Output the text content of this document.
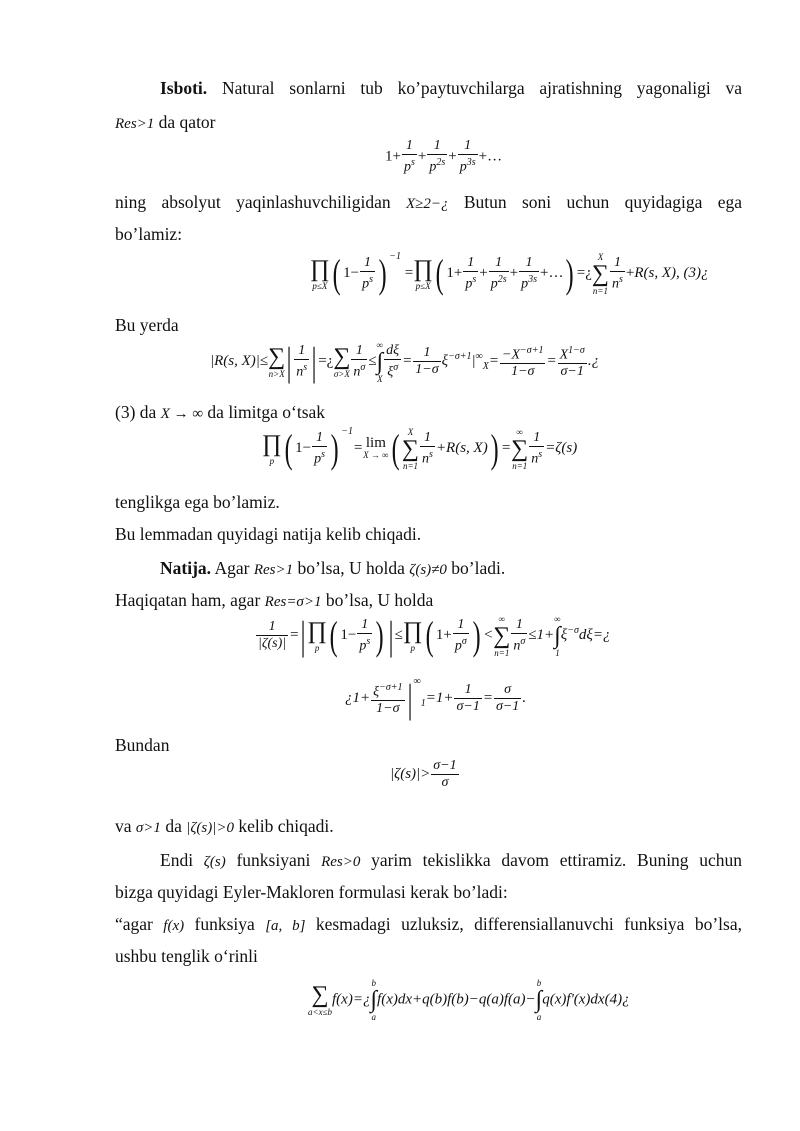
Isboti. Natural sonlarni tub ko’paytuvchilarga ajratishning yagonaligi va
Res>1 da qator
$1+ \frac{1}{p^s} + \frac{1}{p^{2s}} + \frac{1}{p^{3s}}$ +…
ning absolyut yaqinlashuvchiligidan X≥2−¿ Butun soni uchun quyidagiga ega
bo’lamiz:
∏
p≤X ( $1- \frac{1}{p^s}$ ) $^{-1}$ = ∏
p≤X ( $1+ \frac{1}{p^s} + \frac{1}{p^{2s}} + \frac{1}{p^{3s}}$ +…) =¿
X
∑
$n=1 \frac{1}{n^s} +R(s$, X), (3)¿
Bu yerda
|R(s, X)|≤ ∑
n>X | $\frac{1}{n^s}$ | =¿ ∑
$\sigma>X \frac{1}{n^\sigma}$ ≤
∞
∫
X $\frac{d\xi}{\xi^\sigma} = \frac{1}{1-\sigma} \xi^{-\sigma+1}|^\infty_X= \frac{-X^{-\sigma+1}}{1-\sigma} = \frac{X^{1-\sigma}}{\sigma-1}$ .¿
(3) da X → ∞ da limitga o‘tsak
∏
p ( $1- \frac{1}{p^s}$ ) $^{-1}$= lim
X → ∞ ( X
∑
$n=1 \frac{1}{n^s} +R(s$, X)) =
∞
∑
$n=1 \frac{1}{n^s} =\zeta(s)$
tenglikga ega bo’lamiz.
Bu lemmadan quyidagi natija kelib chiqadi.
Natija. Agar Res>1 bo’lsa, U holda ζ(s)≠0 bo’ladi.
Haqiqatan ham, agar Res=σ>1 bo’lsa, U holda
$\frac{1}{|\zeta(s)|}$ =| ∏
p ( $1- \frac{1}{p^s}$ ) | ≤ ∏
p ( $1+ \frac{1}{p^\sigma}$ ) <
∞
∑
$n=1 \frac{1}{n^\sigma} \le 1+$
∞
∫
1
$\xi^{-\sigma}d\xi=¿$
¿$1+ \frac{\xi^{-\sigma+1}}{1-\sigma}$ | $^\infty_1=1+ \frac{1}{\sigma-1} = \frac{\sigma}{\sigma-1}$ .
Bundan
$|\zeta(s)|> \frac{\sigma-1}{\sigma}$
va σ>1 da |ζ(s)|>0 kelib chiqadi.
Endi ζ(s) funksiyani Res>0 yarim tekislikka davom ettiramiz. Buning uchun
bizga quyidagi Eyler-Makloren formulasi kerak bo’ladi:
“agar f(x) funksiya [a, b] kesmadagi uzluksiz, differensiallanuvchi funksiya bo’lsa,
ushbu tenglik o‘rinli
∑
a<x≤b
f(x)=¿
b
∫
a
f(x)dx+q(b)f(b)−q(a)f(a)−
b
∫
a
q(x)f'(x)dx(4)¿
